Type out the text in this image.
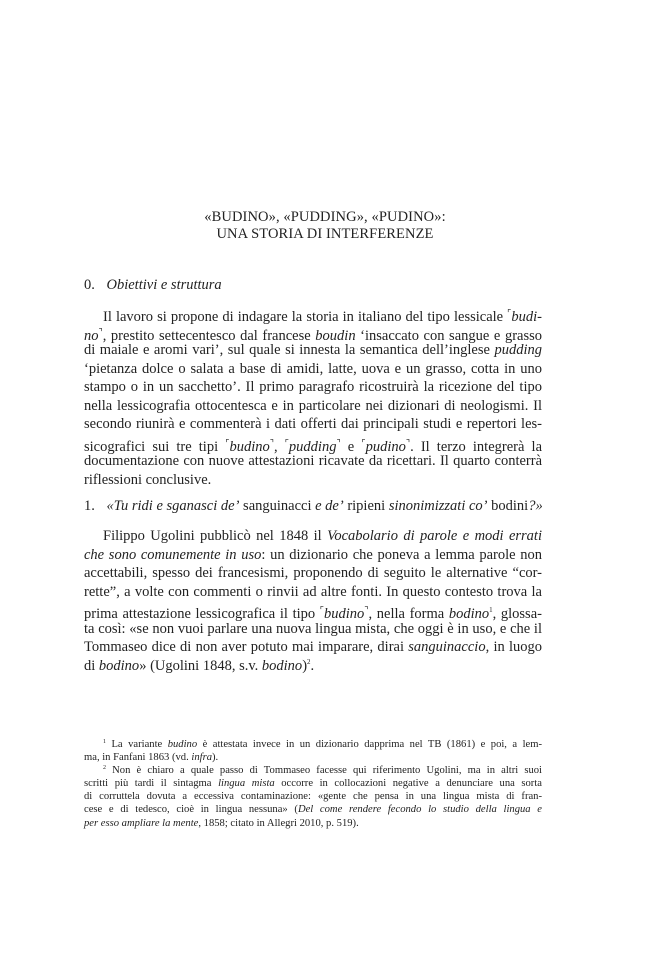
«BUDINO», «PUDDING», «PUDINO»:
UNA STORIA DI INTERFERENZE
0. Obiettivi e struttura
Il lavoro si propone di indagare la storia in italiano del tipo lessicale ⌜budi-
no⌝, prestito settecentesco dal francese boudin ‘insaccato con sangue e grasso
di maiale e aromi vari’, sul quale si innesta la semantica dell’inglese pudding
‘pietanza dolce o salata a base di amidi, latte, uova e un grasso, cotta in uno
stampo o in un sacchetto’. Il primo paragrafo ricostruirà la ricezione del tipo
nella lessicografia ottocentesca e in particolare nei dizionari di neologismi. Il
secondo riunirà e commenterà i dati offerti dai principali studi e repertori les-
sicografici sui tre tipi ⌜budino⌝, ⌜pudding⌝ e ⌜pudino⌝. Il terzo integrerà la
documentazione con nuove attestazioni ricavate da ricettari. Il quarto conterrà
riflessioni conclusive.
1. «Tu ridi e sganasci de’ sanguinacci e de’ ripieni sinonimizzati co’ bodini?»
Filippo Ugolini pubblicò nel 1848 il Vocabolario di parole e modi errati
che sono comunemente in uso: un dizionario che poneva a lemma parole non
accettabili, spesso dei francesismi, proponendo di seguito le alternative “cor-
rette”, a volte con commenti o rinvii ad altre fonti. In questo contesto trova la
prima attestazione lessicografica il tipo ⌜budino⌝, nella forma bodino$^1$, glossa-
ta così: «se non vuoi parlare una nuova lingua mista, che oggi è in uso, e che il
Tommaseo dice di non aver potuto mai imparare, dirai sanguinaccio, in luogo
di bodino» (Ugolini 1848, s.v. bodino)$^2$.
$^1$ La variante budino è attestata invece in un dizionario dapprima nel TB (1861) e poi, a lem-
ma, in Fanfani 1863 (vd. infra).
$^2$ Non è chiaro a quale passo di Tommaseo facesse qui riferimento Ugolini, ma in altri suoi
scritti più tardi il sintagma lingua mista occorre in collocazioni negative a denunciare una sorta
di corruttela dovuta a eccessiva contaminazione: «gente che pensa in una lingua mista di fran-
cese e di tedesco, cioè in lingua nessuna» (Del come rendere fecondo lo studio della lingua e
per esso ampliare la mente, 1858; citato in Allegri 2010, p. 519).
